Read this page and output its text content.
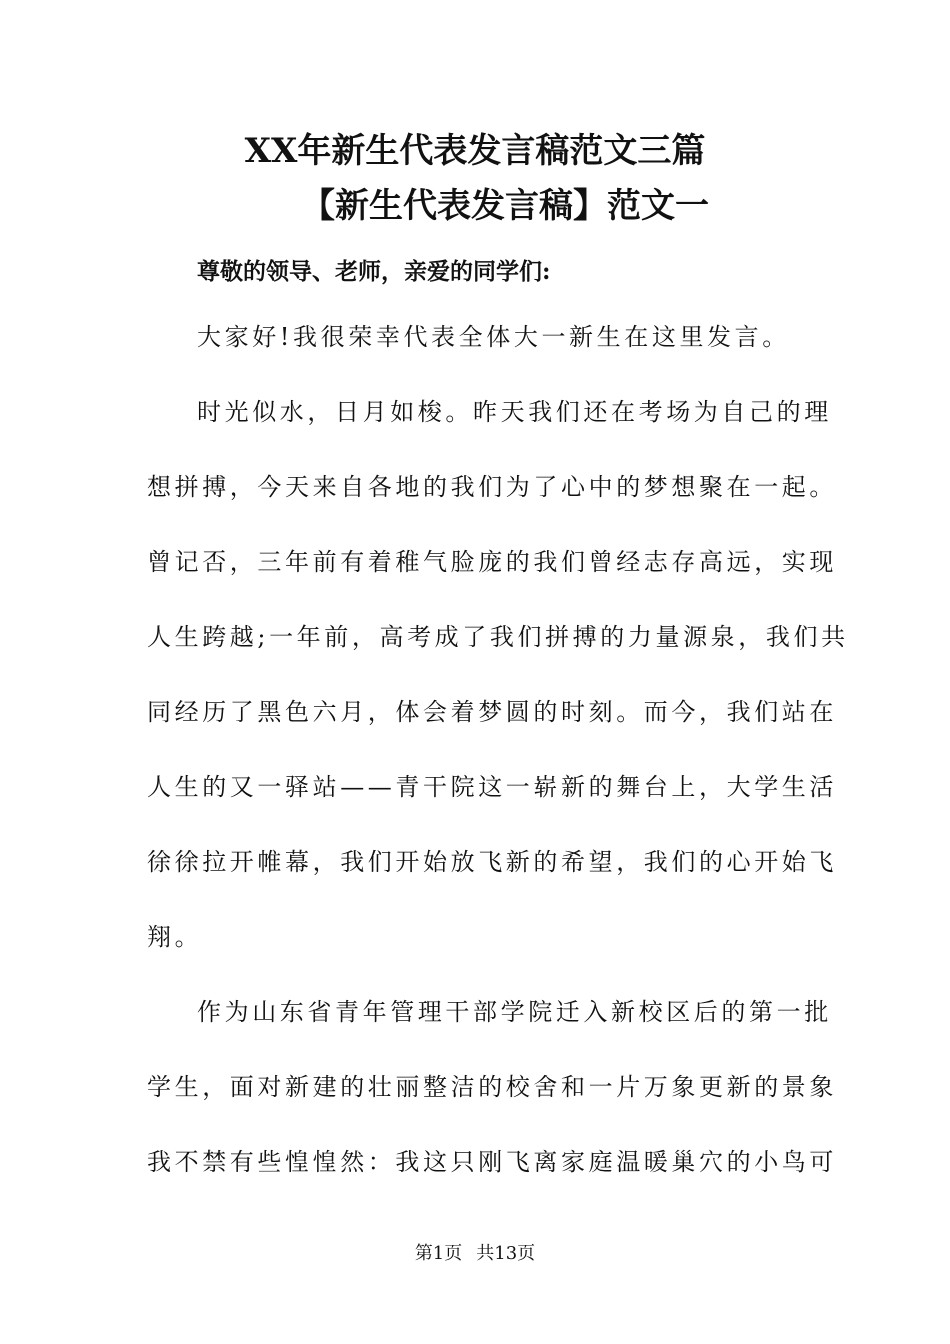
XX年新生代表发言稿范文三篇
【新生代表发言稿】范文一
尊敬的领导、老师，亲爱的同学们:
大家好!我很荣幸代表全体大一新生在这里发言。
时光似水，日月如梭。昨天我们还在考场为自己的理
想拼搏，今天来自各地的我们为了心中的梦想聚在一起。
曾记否，三年前有着稚气脸庞的我们曾经志存高远，实现
人生跨越;一年前，高考成了我们拼搏的力量源泉，我们共
同经历了黑色六月，体会着梦圆的时刻。而今，我们站在
人生的又一驿站——青干院这一崭新的舞台上，大学生活
徐徐拉开帷幕，我们开始放飞新的希望，我们的心开始飞
翔。
作为山东省青年管理干部学院迁入新校区后的第一批
学生，面对新建的壮丽整洁的校舍和一片万象更新的景象
我不禁有些惶惶然：我这只刚飞离家庭温暖巢穴的小鸟可
第1页 共13页
